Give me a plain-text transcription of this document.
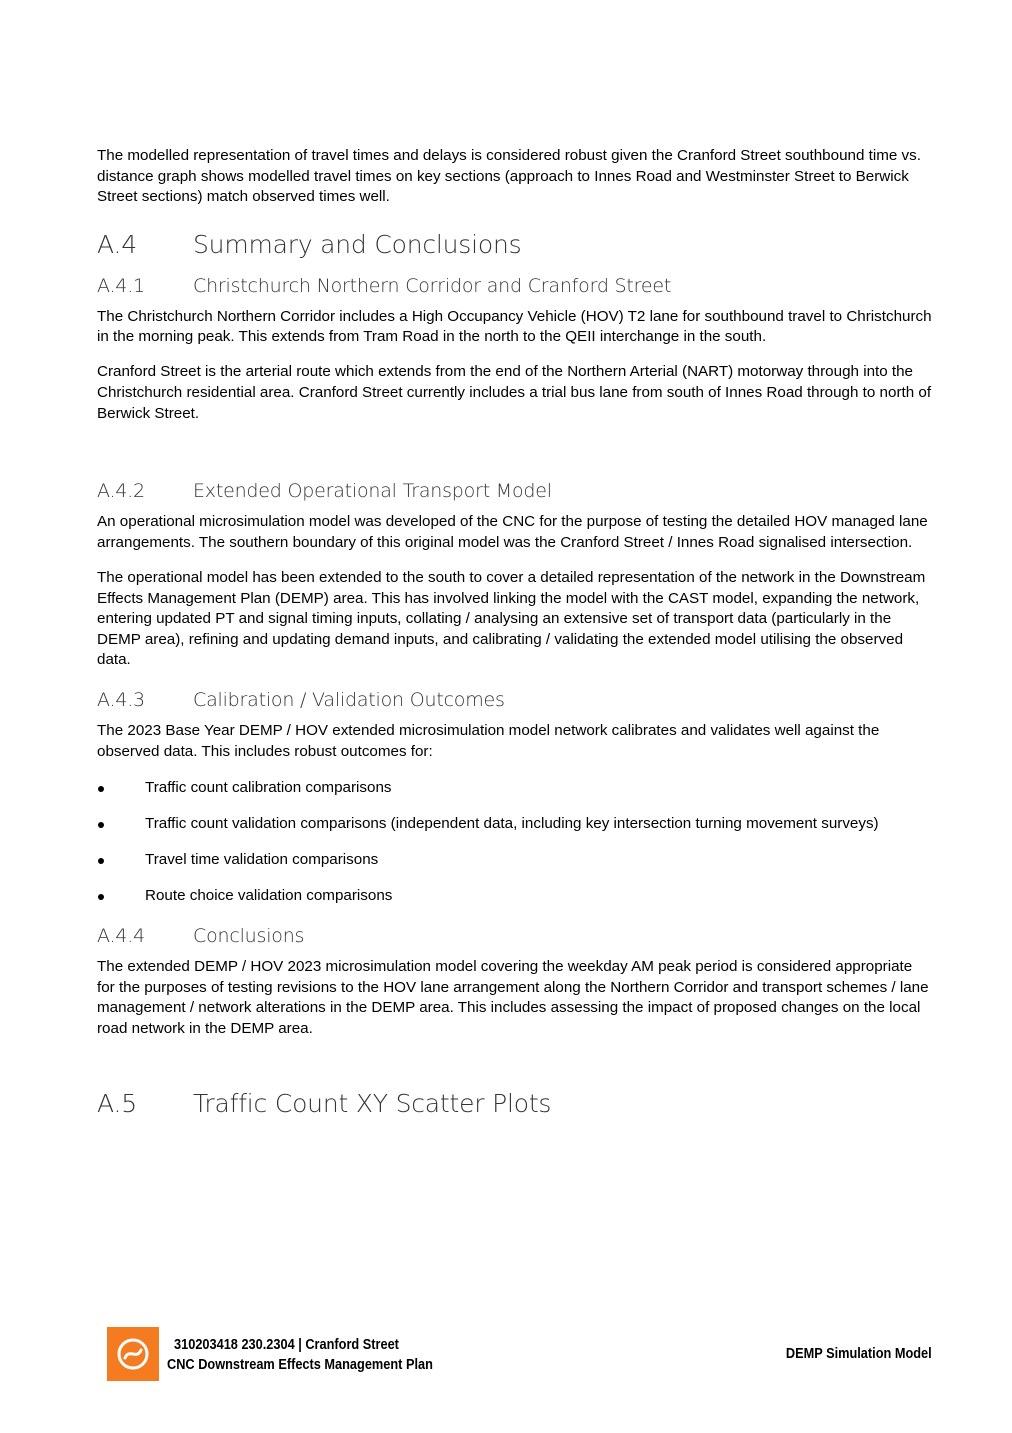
The modelled representation of travel times and delays is considered robust given the Cranford Street southbound time vs. distance graph shows modelled travel times on key sections (approach to Innes Road and Westminster Street to Berwick Street sections) match observed times well.

A.4	Summary and Conclusions
A.4.1	Christchurch Northern Corridor and Cranford Street

The Christchurch Northern Corridor includes a High Occupancy Vehicle (HOV) T2 lane for southbound travel to Christchurch in the morning peak. This extends from Tram Road in the north to the QEII interchange in the south.

Cranford Street is the arterial route which extends from the end of the Northern Arterial (NART) motorway through into the Christchurch residential area. Cranford Street currently includes a trial bus lane from south of Innes Road through to north of Berwick Street.

A.4.2	Extended Operational Transport Model

An operational microsimulation model was developed of the CNC for the purpose of testing the detailed HOV managed lane arrangements. The southern boundary of this original model was the Cranford Street / Innes Road signalised intersection.

The operational model has been extended to the south to cover a detailed representation of the network in the Downstream Effects Management Plan (DEMP) area. This has involved linking the model with the CAST model, expanding the network, entering updated PT and signal timing inputs, collating / analysing an extensive set of transport data (particularly in the DEMP area), refining and updating demand inputs, and calibrating / validating the extended model utilising the observed data.

A.4.3	Calibration / Validation Outcomes

The 2023 Base Year DEMP / HOV extended microsimulation model network calibrates and validates well against the observed data. This includes robust outcomes for:

Traffic count calibration comparisons
Traffic count validation comparisons (independent data, including key intersection turning movement surveys)
Travel time validation comparisons
Route choice validation comparisons
A.4.4	Conclusions

The extended DEMP / HOV 2023 microsimulation model covering the weekday AM peak period is considered appropriate for the purposes of testing revisions to the HOV lane arrangement along the Northern Corridor and transport schemes / lane management / network alterations in the DEMP area. This includes assessing the impact of proposed changes on the local road network in the DEMP area.

A.5	Traffic Count XY Scatter Plots
310203418 230.2304 | Cranford Street
CNC Downstream Effects Management Plan
DEMP Simulation Model
